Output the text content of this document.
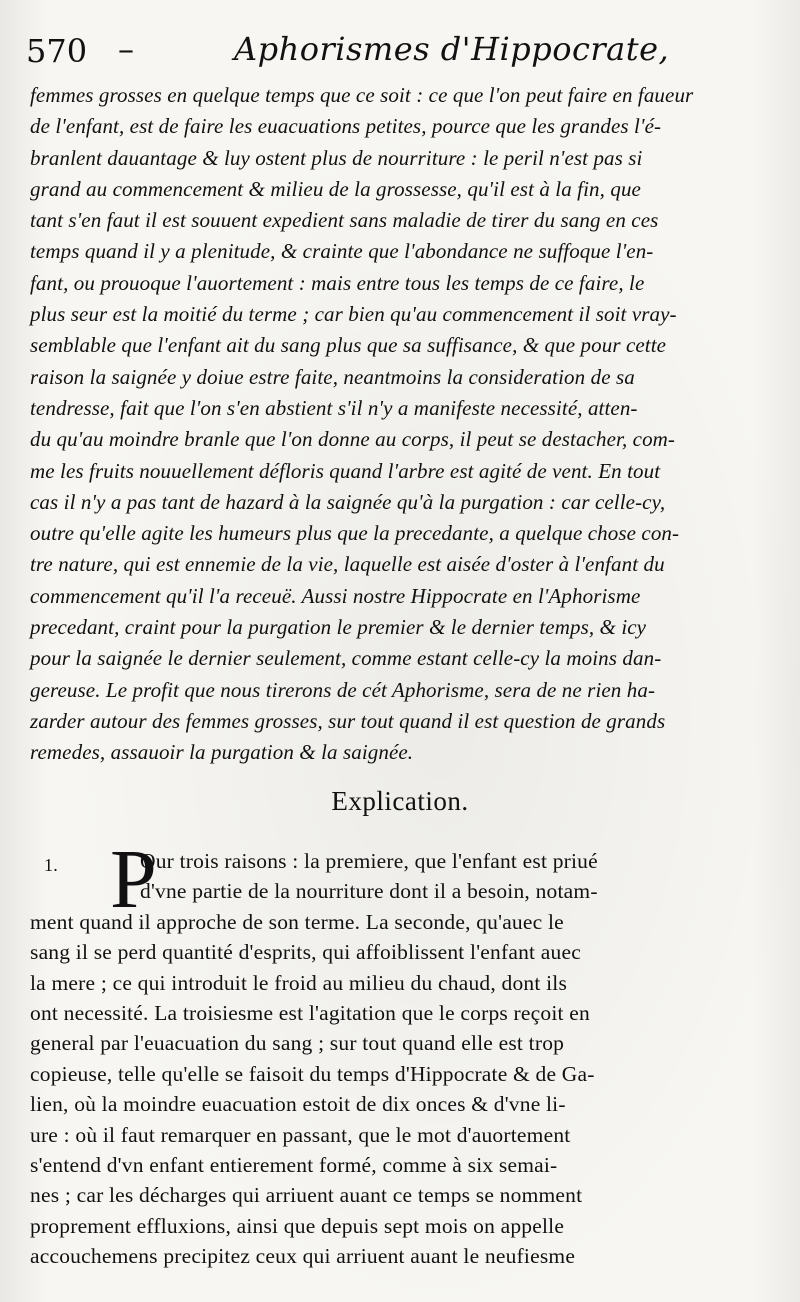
570 –	Aphorismes d'Hippocrate,
femmes grosses en quelque temps que ce soit : ce que l'on peut faire en faueur
de l'enfant, est de faire les euacuations petites, pource que les grandes l'é-
branlent dauantage & luy ostent plus de nourriture : le peril n'est pas si
grand au commencement & milieu de la grossesse, qu'il est à la fin, que
tant s'en faut il est souuent expedient sans maladie de tirer du sang en ces
temps quand il y a plenitude, & crainte que l'abondance ne suffoque l'en-
fant, ou prouoque l'auortement : mais entre tous les temps de ce faire, le
plus seur est la moitié du terme ; car bien qu'au commencement il soit vray-
semblable que l'enfant ait du sang plus que sa suffisance, & que pour cette
raison la saignée y doiue estre faite, neantmoins la consideration de sa
tendresse, fait que l'on s'en abstient s'il n'y a manifeste necessité, atten-
du qu'au moindre branle que l'on donne au corps, il peut se destacher, com-
me les fruits nouuellement défloris quand l'arbre est agité de vent. En tout
cas il n'y a pas tant de hazard à la saignée qu'à la purgation : car celle-cy,
outre qu'elle agite les humeurs plus que la precedante, a quelque chose con-
tre nature, qui est ennemie de la vie, laquelle est aisée d'oster à l'enfant du
commencement qu'il l'a receuë. Aussi nostre Hippocrate en l'Aphorisme
precedant, craint pour la purgation le premier & le dernier temps, & icy
pour la saignée le dernier seulement, comme estant celle-cy la moins dan-
gereuse. Le profit que nous tirerons de cét Aphorisme, sera de ne rien ha-
zarder autour des femmes grosses, sur tout quand il est question de grands
remedes, assauoir la purgation & la saignée.
Explication.
1. P
Our trois raisons : la premiere, que l'enfant est priué
d'vne partie de la nourriture dont il a besoin, notam-
ment quand il approche de son terme. La seconde, qu'auec le
sang il se perd quantité d'esprits, qui affoiblissent l'enfant auec
la mere ; ce qui introduit le froid au milieu du chaud, dont ils
ont necessité. La troisiesme est l'agitation que le corps reçoit en
general par l'euacuation du sang ; sur tout quand elle est trop
copieuse, telle qu'elle se faisoit du temps d'Hippocrate & de Ga-
lien, où la moindre euacuation estoit de dix onces & d'vne li-
ure : où il faut remarquer en passant, que le mot d'auortement
s'entend d'vn enfant entierement formé, comme à six semai-
nes ; car les décharges qui arriuent auant ce temps se nomment
proprement effluxions, ainsi que depuis sept mois on appelle
accouchemens precipitez ceux qui arriuent auant le neufiesme
